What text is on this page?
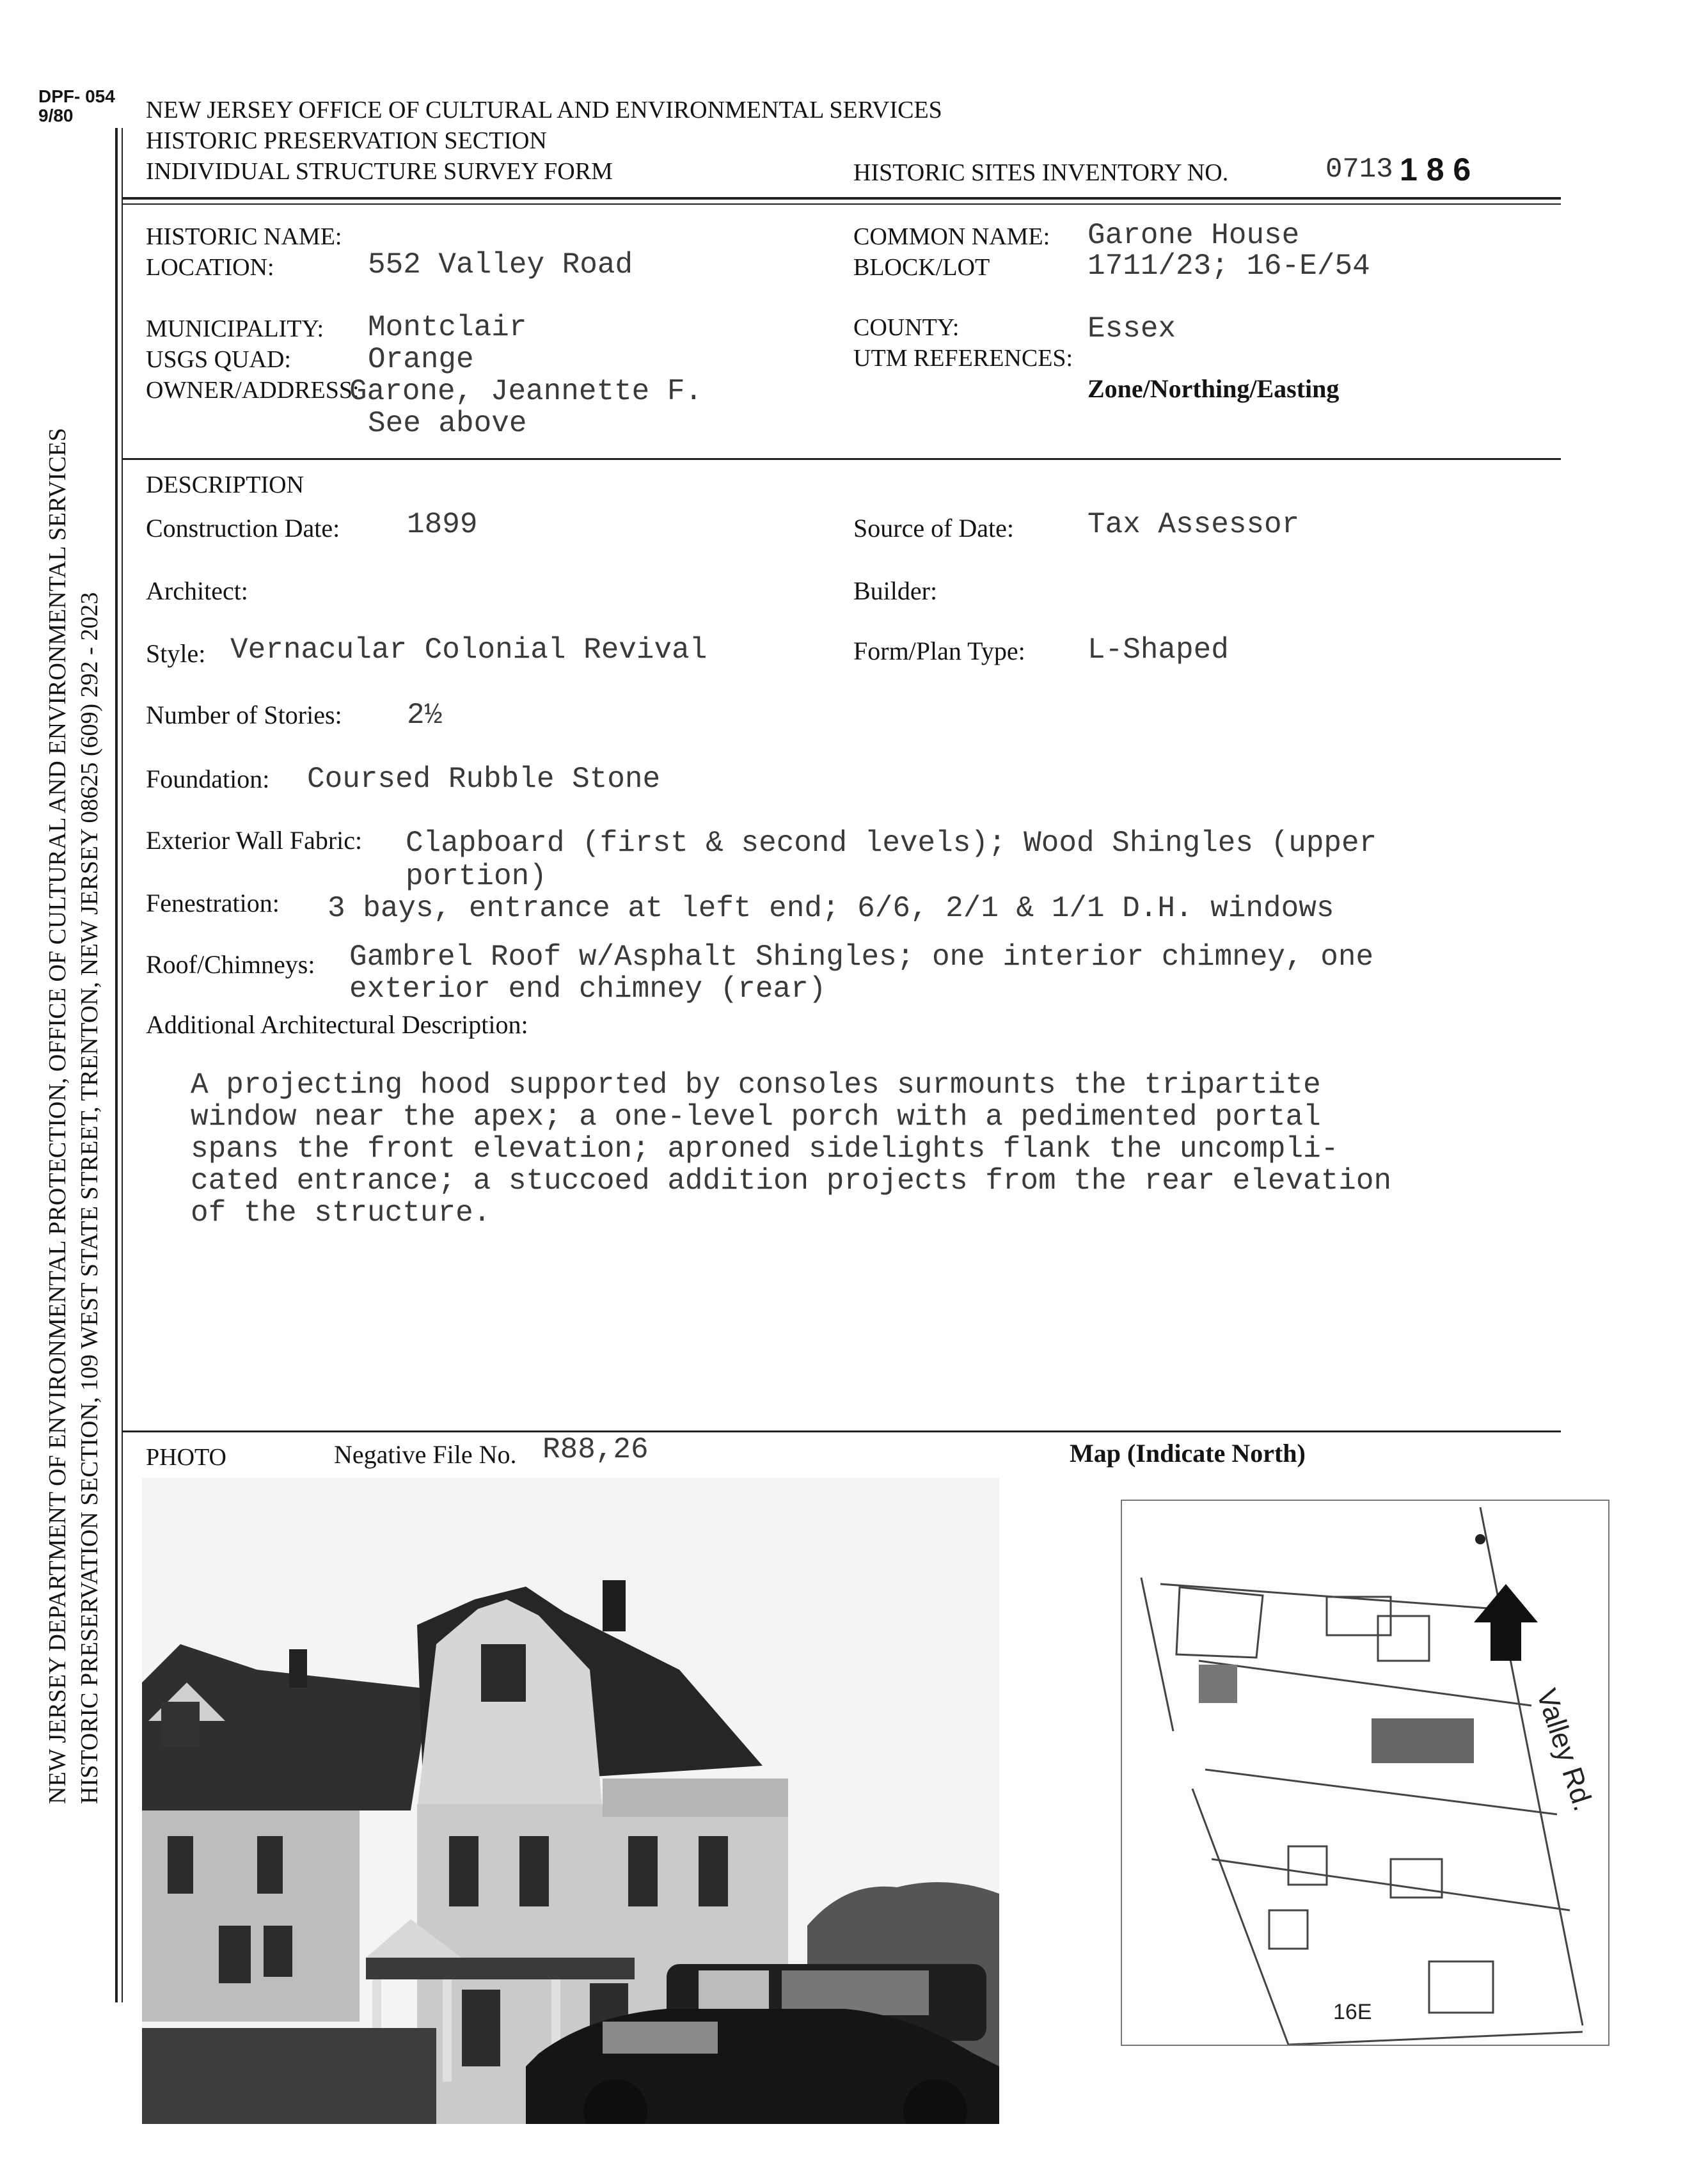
DPF- 054
9/80
NEW JERSEY DEPARTMENT OF ENVIRONMENTAL PROTECTION, OFFICE OF CULTURAL AND ENVIRONMENTAL SERVICES HISTORIC PRESERVATION SECTION, 109 WEST STATE STREET, TRENTON, NEW JERSEY 08625 (609) 292 - 2023
NEW JERSEY OFFICE OF CULTURAL AND ENVIRONMENTAL SERVICES
HISTORIC PRESERVATION SECTION
INDIVIDUAL STRUCTURE SURVEY FORM	HISTORIC SITES INVENTORY NO.	0713 1 8 6
HISTORIC NAME:
LOCATION:	552 Valley Road
COMMON NAME: Garone House
BLOCK/LOT	1711/23; 16-E/54
MUNICIPALITY: Montclair
USGS QUAD:	Orange
OWNER/ADDRESS:
Garone, Jeannette F.
See above
COUNTY:	Essex
UTM REFERENCES:
Zone/Northing/Easting
DESCRIPTION
Construction Date: 1899	Source of Date: Tax Assessor
Architect:	Builder:
Style: Vernacular Colonial Revival	Form/Plan Type: L-Shaped
Number of Stories: 2½
Foundation: Coursed Rubble Stone
Exterior Wall Fabric: Clapboard (first & second levels); Wood Shingles (upper
portion)
Fenestration: 3 bays, entrance at left end; 6/6, 2/1 & 1/1 D.H. windows
Roof/Chimneys: Gambrel Roof w/Asphalt Shingles; one interior chimney, one
exterior end chimney (rear)
Additional Architectural Description:
A projecting hood supported by consoles surmounts the tripartite
window near the apex; a one-level porch with a pedimented portal
spans the front elevation; aproned sidelights flank the uncompli-
cated entrance; a stuccoed addition projects from the rear elevation
of the structure.
PHOTO	Negative File No. R88,26	Map (Indicate North)
Valley Rd.
16E
